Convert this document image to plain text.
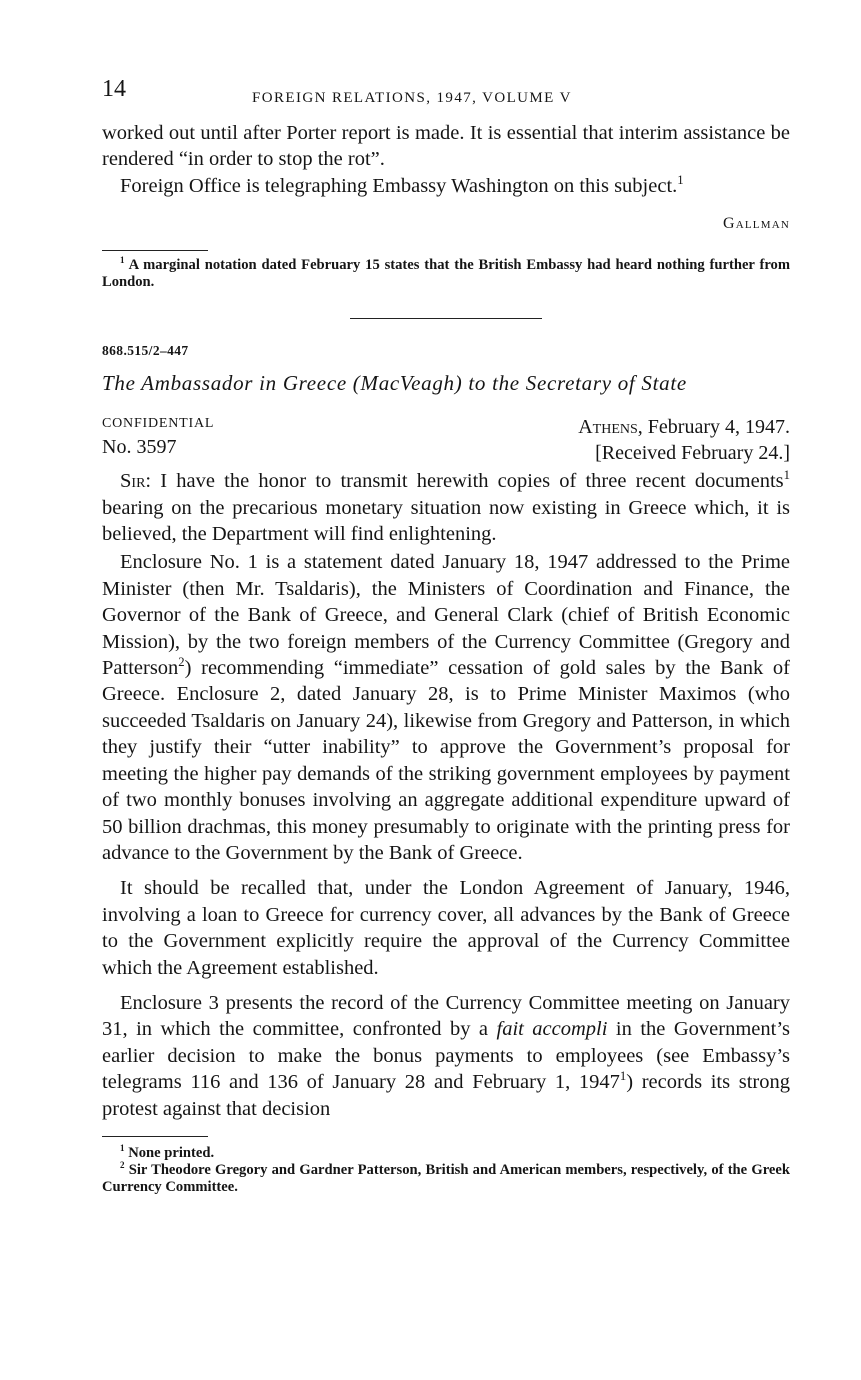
14	FOREIGN RELATIONS, 1947, VOLUME V

worked out until after Porter report is made. It is essential that interim assistance be rendered “in order to stop the rot”.

Foreign Office is telegraphing Embassy Washington on this subject.$^1$

Gallman

$^1$ A marginal notation dated February 15 states that the British Embassy had heard nothing further from London.

868.515/2–447
The Ambassador in Greece (MacVeagh) to the Secretary of State
CONFIDENTIAL
No. 3597
Athens, February 4, 1947.
[Received February 24.]

Sir: I have the honor to transmit herewith copies of three recent documents$^1$ bearing on the precarious monetary situation now existing in Greece which, it is believed, the Department will find enlightening.

Enclosure No. 1 is a statement dated January 18, 1947 addressed to the Prime Minister (then Mr. Tsaldaris), the Ministers of Coordination and Finance, the Governor of the Bank of Greece, and General Clark (chief of British Economic Mission), by the two foreign members of the Currency Committee (Gregory and Patterson$^2$) recommending “immediate” cessation of gold sales by the Bank of Greece. Enclosure 2, dated January 28, is to Prime Minister Maximos (who succeeded Tsaldaris on January 24), likewise from Gregory and Patterson, in which they justify their “utter inability” to approve the Government’s proposal for meeting the higher pay demands of the striking government employees by payment of two monthly bonuses involving an aggregate additional expenditure upward of 50 billion drachmas, this money presumably to originate with the printing press for advance to the Government by the Bank of Greece.

It should be recalled that, under the London Agreement of January, 1946, involving a loan to Greece for currency cover, all advances by the Bank of Greece to the Government explicitly require the approval of the Currency Committee which the Agreement established.

Enclosure 3 presents the record of the Currency Committee meeting on January 31, in which the committee, confronted by a fait accompli in the Government’s earlier decision to make the bonus payments to employees (see Embassy’s telegrams 116 and 136 of January 28 and February 1, 1947$^1$) records its strong protest against that decision

$^1$ None printed.

$^2$ Sir Theodore Gregory and Gardner Patterson, British and American members, respectively, of the Greek Currency Committee.
